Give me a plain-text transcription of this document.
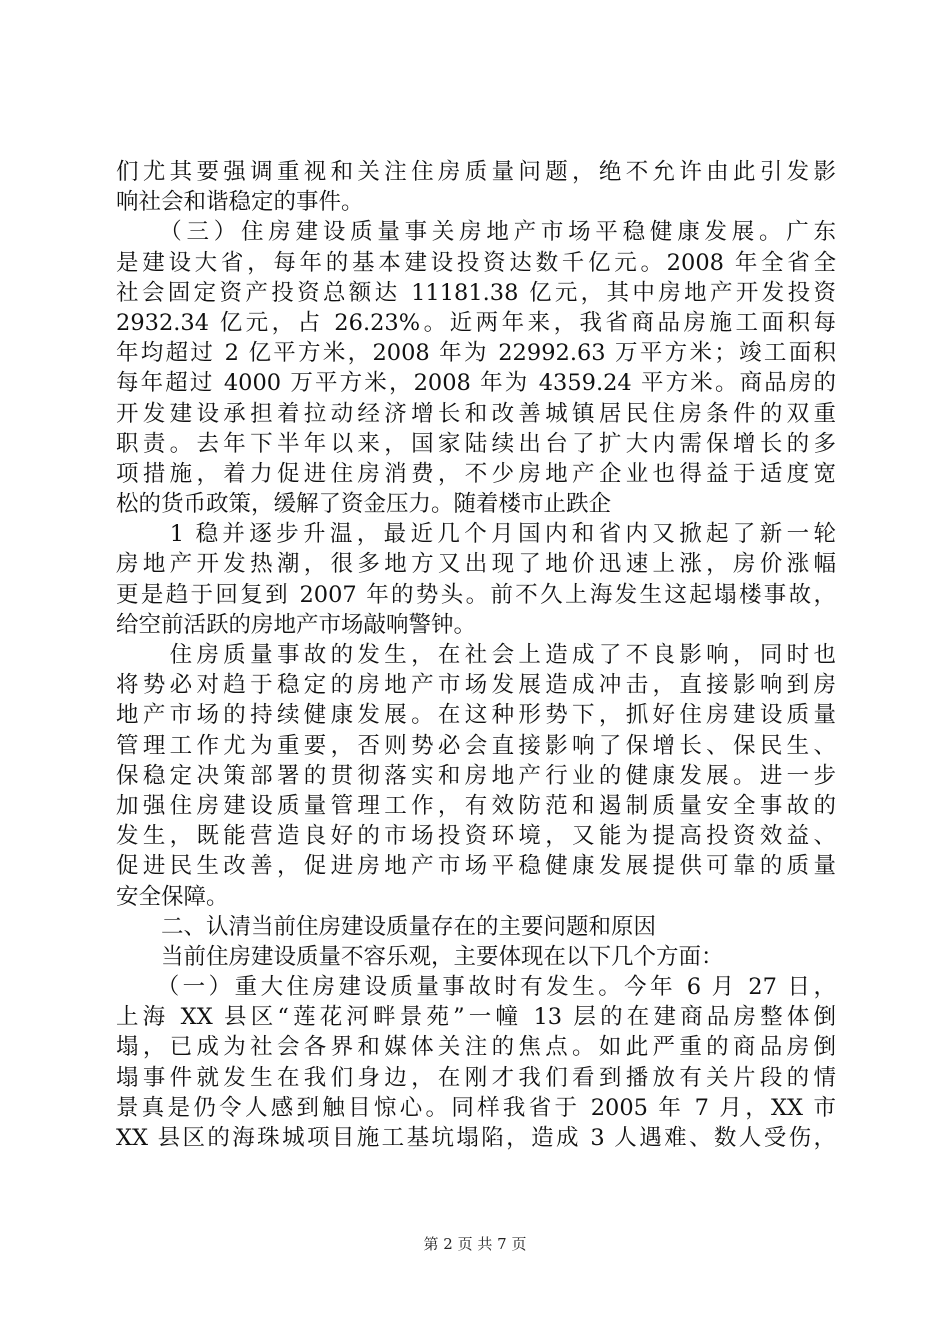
们尤其要强调重视和关注住房质量问题，绝不允许由此引发影
响社会和谐稳定的事件。
　　（三）住房建设质量事关房地产市场平稳健康发展。广东
是建设大省，每年的基本建设投资达数千亿元。2008 年全省全
社会固定资产投资总额达 11181.38 亿元，其中房地产开发投资
2932.34 亿元，占 26.23%。近两年来，我省商品房施工面积每
年均超过 2 亿平方米，2008 年为 22992.63 万平方米；竣工面积
每年超过 4000 万平方米，2008 年为 4359.24 平方米。商品房的
开发建设承担着拉动经济增长和改善城镇居民住房条件的双重
职责。去年下半年以来，国家陆续出台了扩大内需保增长的多
项措施，着力促进住房消费，不少房地产企业也得益于适度宽
松的货币政策，缓解了资金压力。随着楼市止跌企
　　1 稳并逐步升温，最近几个月国内和省内又掀起了新一轮
房地产开发热潮，很多地方又出现了地价迅速上涨，房价涨幅
更是趋于回复到 2007 年的势头。前不久上海发生这起塌楼事故，
给空前活跃的房地产市场敲响警钟。
　　住房质量事故的发生，在社会上造成了不良影响，同时也
将势必对趋于稳定的房地产市场发展造成冲击，直接影响到房
地产市场的持续健康发展。在这种形势下，抓好住房建设质量
管理工作尤为重要，否则势必会直接影响了保增长、保民生、
保稳定决策部署的贯彻落实和房地产行业的健康发展。进一步
加强住房建设质量管理工作，有效防范和遏制质量安全事故的
发生，既能营造良好的市场投资环境，又能为提高投资效益、
促进民生改善，促进房地产市场平稳健康发展提供可靠的质量
安全保障。
　　二、认清当前住房建设质量存在的主要问题和原因
　　当前住房建设质量不容乐观，主要体现在以下几个方面：
　　（一）重大住房建设质量事故时有发生。今年 6 月 27 日，
上海 XX 县区“莲花河畔景苑”一幢 13 层的在建商品房整体倒
塌，已成为社会各界和媒体关注的焦点。如此严重的商品房倒
塌事件就发生在我们身边，在刚才我们看到播放有关片段的情
景真是仍令人感到触目惊心。同样我省于 2005 年 7 月，XX 市
XX 县区的海珠城项目施工基坑塌陷，造成 3 人遇难、数人受伤，
第 2 页 共 7 页
